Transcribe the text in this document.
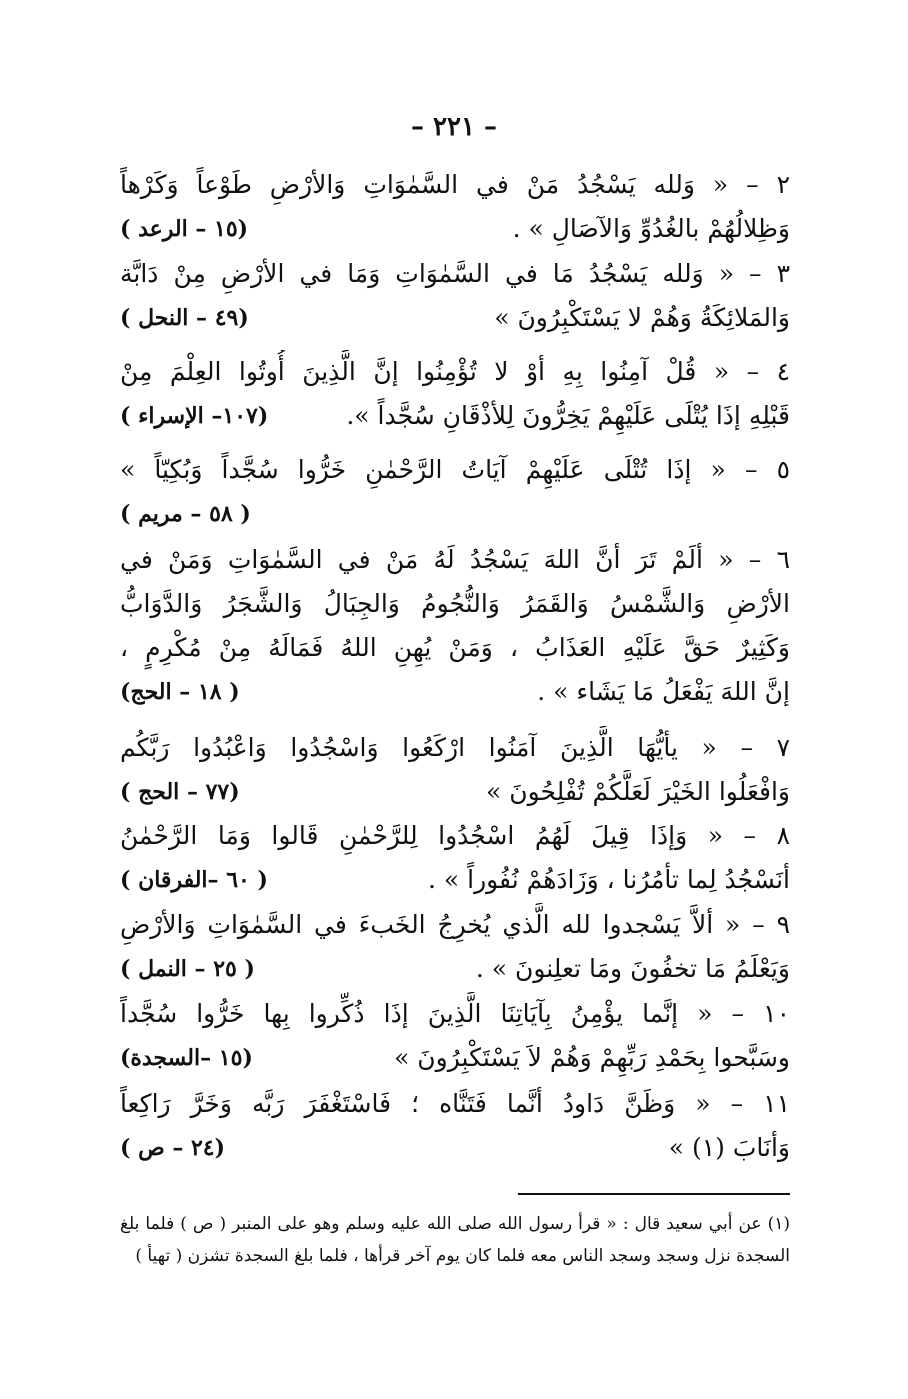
– ٢٢١ –
٢ – « وَلله يَسْجُدُ مَنْ في السَّمٰوَاتِ وَالأرْضِ طَوْعاً وَكَرْهاً
وَظِلالُهُمْ بالغُدُوِّ وَالآصَالِ » .
(١٥ – الرعد )
٣ – « وَلله يَسْجُدُ مَا في السَّمٰوَاتِ وَمَا في الأرْضِ مِنْ دَابَّة
وَالمَلائِكَةُ وَهُمْ لا يَسْتَكْبِرُونَ »
(٤٩ – النحل )
٤ – « قُلْ آمِنُوا بِهِ أوْ لا تُؤْمِنُوا إنَّ الَّذِينَ أُوتُوا العِلْمَ مِنْ
قَبْلِهِ إذَا يُتْلَى عَلَيْهِمْ يَخِرُّونَ لِلأذْقَانِ سُجَّداً ».
(١٠٧– الإسراء )
٥ – « إذَا تُتْلَى عَلَيْهِمْ آيَاتُ الرَّحْمٰنِ خَرُّوا سُجَّداً وَبُكِيّاً »
( ٥٨ – مريم )
٦ – « ألَمْ تَرَ أنَّ اللهَ يَسْجُدُ لَهُ مَنْ في السَّمٰوَاتِ وَمَنْ في
الأرْضِ وَالشَّمْسُ وَالقَمَرُ وَالنُّجُومُ وَالجِبَالُ وَالشَّجَرُ وَالدَّوَابُّ
وَكَثِيرٌ حَقَّ عَلَيْهِ العَذَابُ ، وَمَنْ يُهِنِ اللهُ فَمَالَهُ مِنْ مُكْرِمٍ ،
إنَّ اللهَ يَفْعَلُ مَا يَشَاء » .
( ١٨ – الحج)
٧ – « يأيُّهَا الَّذِينَ آمَنُوا ارْكَعُوا وَاسْجُدُوا وَاعْبُدُوا رَبَّكُم
وَافْعَلُوا الخَيْرَ لَعَلَّكُمْ تُفْلِحُونَ »
(٧٧ – الحج )
٨ – « وَإذَا قِيلَ لَهُمُ اسْجُدُوا لِلرَّحْمٰنِ قَالوا وَمَا الرَّحْمٰنُ
أنَسْجُدُ لِما تأمُرُنا ، وَزَادَهُمْ نُفُوراً » .
( ٦٠ –الفرقان )
٩ – « ألاَّ يَسْجدوا لله الَّذي يُخرِجُ الخَبءَ في السَّمٰوَاتِ وَالأرْضِ
وَيَعْلَمُ مَا تخفُونَ ومَا تعلِنونَ » .
( ٢٥ – النمل )
١٠ – « إنَّما يؤْمِنُ بِآيَاتِنَا الَّذِينَ إذَا ذُكِّروا بِها خَرُّوا سُجَّداً
وسَبَّحوا بِحَمْدِ رَبِّهِمْ وَهُمْ لاَ يَسْتَكْبِرُونَ »
(١٥ –السجدة)
١١ – « وَظَنَّ دَاودُ أنَّما فَتَنَّاه ؛ فَاسْتَغْفَرَ رَبَّه وَخَرَّ رَاكِعاً
وَأنَابَ (١) »
(٢٤ – ص )
(١) عن أبي سعيد قال : « قرأ رسول الله صلى الله عليه وسلم وهو على المنبر ( ص ) فلما بلغ
السجدة نزل وسجد وسجد الناس معه فلما كان يوم آخر قرأها ، فلما بلغ السجدة تشزن ( تهيأ )
